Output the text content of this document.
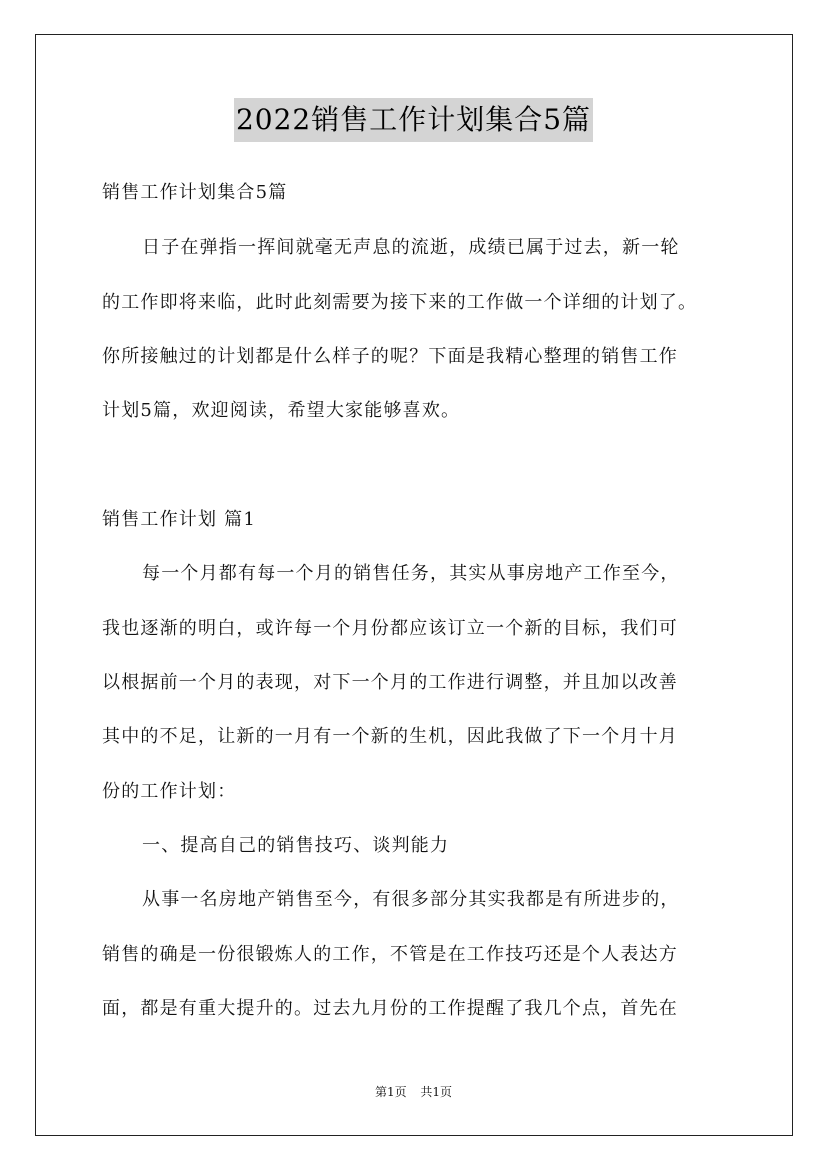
2022销售工作计划集合5篇
销售工作计划集合5篇
日子在弹指一挥间就毫无声息的流逝，成绩已属于过去，新一轮
的工作即将来临，此时此刻需要为接下来的工作做一个详细的计划了。
你所接触过的计划都是什么样子的呢？下面是我精心整理的销售工作
计划5篇，欢迎阅读，希望大家能够喜欢。
销售工作计划 篇1
每一个月都有每一个月的销售任务，其实从事房地产工作至今，
我也逐渐的明白，或许每一个月份都应该订立一个新的目标，我们可
以根据前一个月的表现，对下一个月的工作进行调整，并且加以改善
其中的不足，让新的一月有一个新的生机，因此我做了下一个月十月
份的工作计划：
一、提高自己的销售技巧、谈判能力
从事一名房地产销售至今，有很多部分其实我都是有所进步的，
销售的确是一份很锻炼人的工作，不管是在工作技巧还是个人表达方
面，都是有重大提升的。过去九月份的工作提醒了我几个点，首先在
第1页 共1页
